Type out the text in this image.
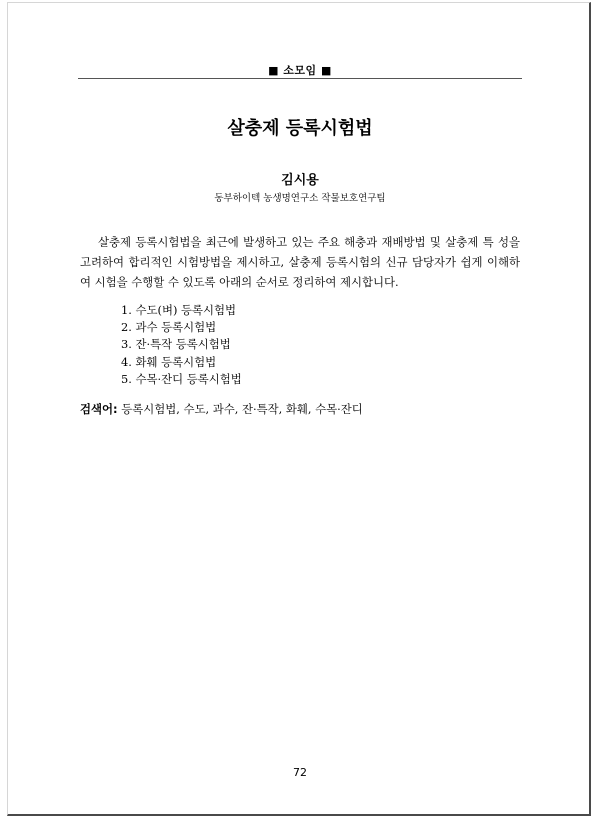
■ 소모임 ■
살충제 등록시험법
김시용
동부하이텍 농생명연구소 작물보호연구팀

살충제 등록시험법을 최근에 발생하고 있는 주요 해충과 재배방법 및 살충제 특 성을 고려하여 합리적인 시험방법을 제시하고, 살충제 등록시험의 신규 담당자가 쉽게 이해하여 시험을 수행할 수 있도록 아래의 순서로 정리하여 제시합니다.

1. 수도(벼) 등록시험법
2. 과수 등록시험법
3. 잔·특작 등록시험법
4. 화훼 등록시험법
5. 수목·잔디 등록시험법
검색어: 등록시험법, 수도, 과수, 잔·특작, 화훼, 수목·잔디
72
